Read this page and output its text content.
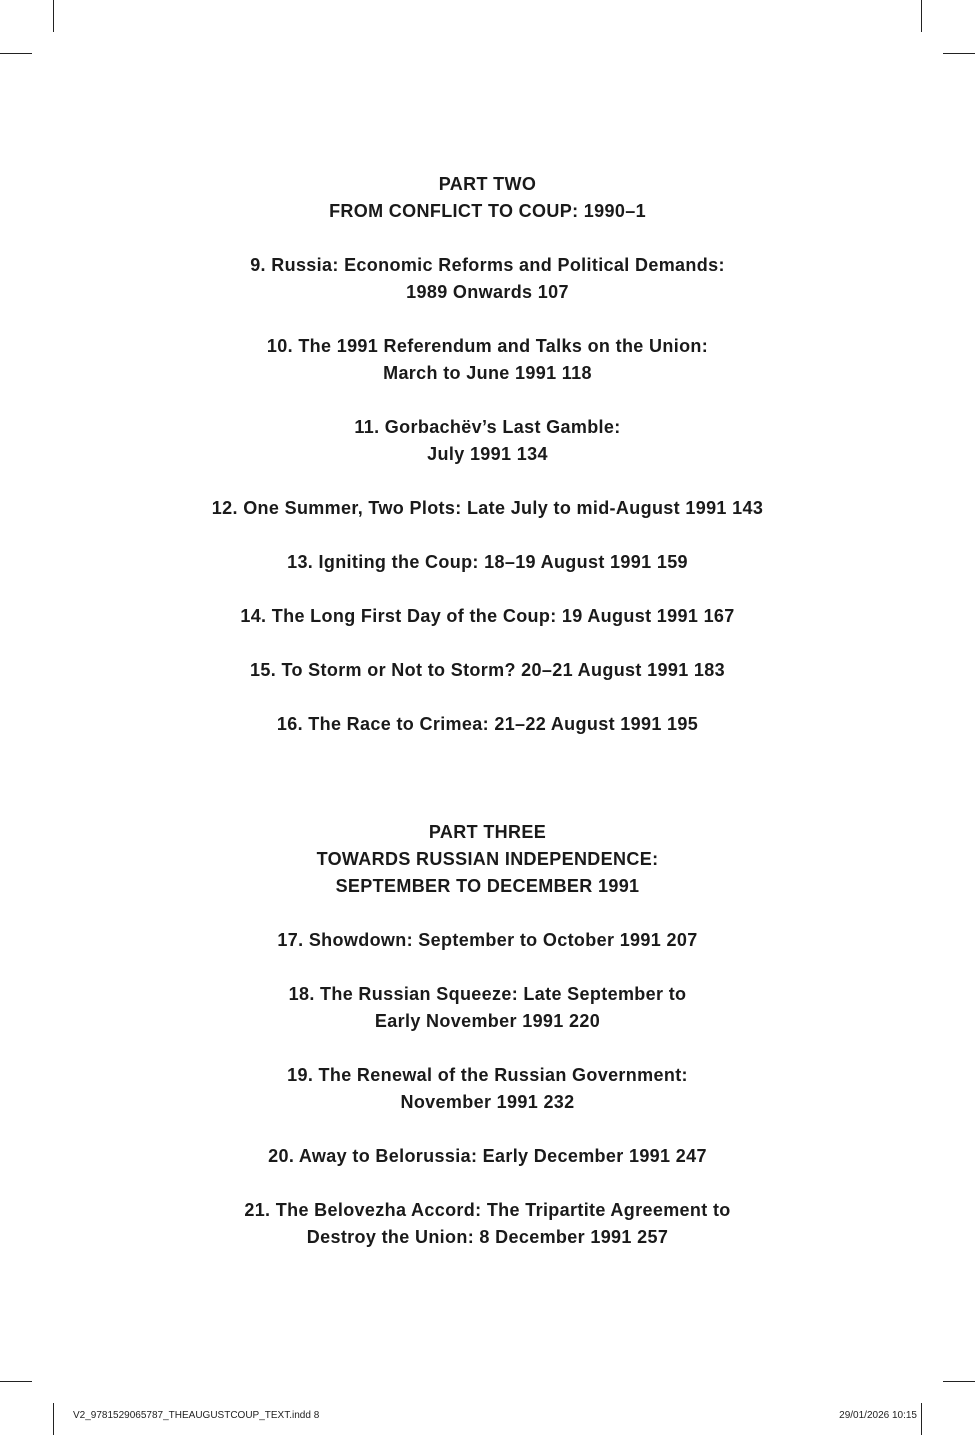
PART TWO
FROM CONFLICT TO COUP: 1990–1
9. Russia: Economic Reforms and Political Demands:
1989 Onwards 107
10. The 1991 Referendum and Talks on the Union:
March to June 1991 118
11. Gorbachëv’s Last Gamble:
July 1991 134
12. One Summer, Two Plots: Late July to mid-August 1991 143
13. Igniting the Coup: 18–19 August 1991 159
14. The Long First Day of the Coup: 19 August 1991 167
15. To Storm or Not to Storm? 20–21 August 1991 183
16. The Race to Crimea: 21–22 August 1991 195
PART THREE
TOWARDS RUSSIAN INDEPENDENCE:
SEPTEMBER TO DECEMBER 1991
17. Showdown: September to October 1991 207
18. The Russian Squeeze: Late September to
Early November 1991 220
19. The Renewal of the Russian Government:
November 1991 232
20. Away to Belorussia: Early December 1991 247
21. The Belovezha Accord: The Tripartite Agreement to
Destroy the Union: 8 December 1991 257
V2_9781529065787_THEAUGUSTCOUP_TEXT.indd 8	29/01/2026 10:15
